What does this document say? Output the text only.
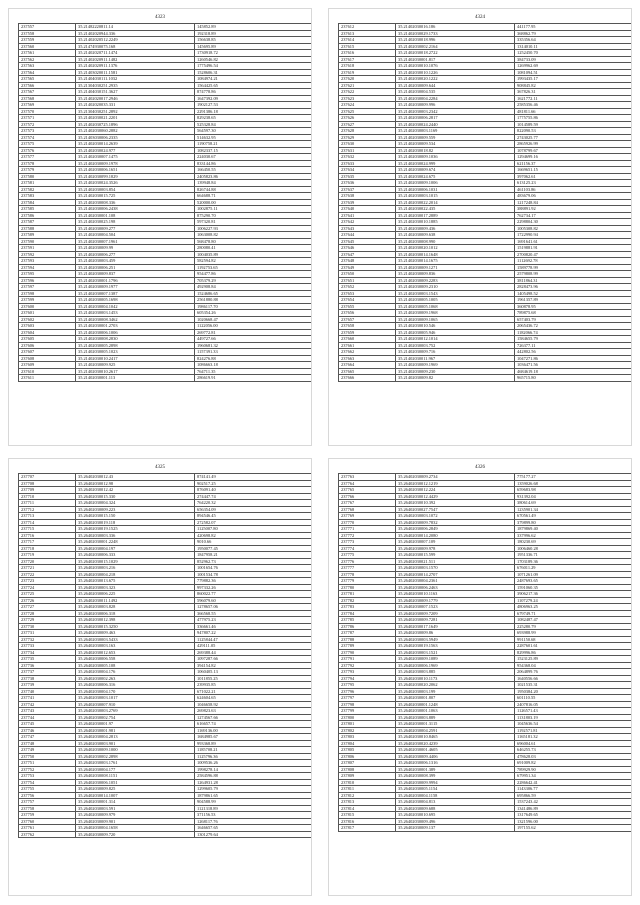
4323
237557	35.21482220811.14	145852.89
237558	35.21402020944.336	192318.89
237559	35.21402020512.2249	156638.85
237560	35.21474930075.168	145695.89
237561	35.21402020711.1474	1730918.72
237562	35.21402020911.1482	1260546.82
237563	35.21402020911.1376	1775496.54
237564	35.21403020011.1581	1528606.31
237565	35.21404030111.1032	1084974.21
237566	35.21304030251.2935	1564425.65
237567	35.21404030151.3627	874778.86
237568	35.21402020017.2946	1647392.09
237569	35.21402020035.331	1902127.53
237570	35.21304030251.2892	2291386.18
237571	35.21402030021.2201	829238.65
237572	35.21402030725.1896	525328.84
237573	35.21402030060.2882	564597.30
237574	35.21403030006.2335	514632.95
237575	35.21402030014.2639	1190758.21
237576	35.21402030024.977	1082337.15
237577	35.21402030007.1475	224030.67
237578	35.21402030009.1978	833144.86
237579	35.21402030006.1651	166450.55
237580	35.21402030099.1829	2405823.86
237581	35.21402030024.3526	139948.84
237582	35.21402030003.854	826744.88
237583	35.21402030015.725	664688.71
237584	35.21402030008.336	520000.00
237585	35.21402030006.2438	1002875.11
237586	35.21402030001.108	875290.70
237587	35.21402030025.198	597320.81
237588	35.21402030009.277	1006227.93
237589	35.21402030004.504	1063008.82
237590	35.21402030007.1961	568478.80
237591	35.21402030009.99	280080.41
237592	35.21402030006.277	1004035.89
237593	35.21402030003.459	582594.82
237594	35.21402030006.251	1192753.65
237595	35.21402030009.837	954477.86
237596	35.21402030001.1796	705379.29
237597	35.21402030009.1977	492908.84
237598	35.21402030007.1387	1524686.65
237599	35.21402030005.1698	2561880.88
237600	35.21402030004.1042	1986117.70
237601	35.21402030003.1453	605354.26
237602	35.21402030008.3462	1020668.47
237603	35.21402030001.2703	1122056.00
237604	35.21402030006.1006	269772.81
237605	35.21402030008.2830	449727.66
237606	35.21402030005.2898	1960681.32
237607	35.21402030005.1023	1157391.33
237608	35.21402030010.2417	824276.88
237609	35.21402030009.925	1086663.18
237610	35.21402030010.2617	764711.35
237611	35.21402030001.113	286619.91
4324
237612	35.21402030016.186	441177.95
237613	35.21402030029.1733	368862.79
237614	35.21402030018.996	335356.64
237615	35.21402030002.2164	1314010.11
237616	35.21402030018.2722	1252450.70
237617	35.21402030001.817	384733.09
237618	35.21402030010.1076	1269962.69
237619	35.21402030010.1226	1081094.51
237620	35.21402030020.1222	1993435.17
237621	35.21402030009.644	908845.82
237622	35.21402030004.535	367826.31
237623	35.21402030004.2284	1621772.11
237624	35.21402030009.996	2585356.46
237625	35.21402030003.2342	481811.66
237626	35.21402030006.2817	1775755.86
237627	35.21402030024.2440	1014589.59
237628	35.21402030003.1169	822090.53
237629	35.21402030009.559	2743025.77
237630	35.21402030009.534	2865926.99
237631	35.21402030018.82	1078799.67
237632	35.21402030009.1036	1294699.16
237633	35.21402030024.999	621156.37
237634	35.21402030009.674	1669651.15
237635	35.21402030024.675	397062.61
237636	35.21402030009.1006	613125.23
237637	35.21402030006.1031	461103.86
237638	35.21402030003.1015	483679.06
237639	35.21402030022.2014	1217248.84
237640	35.21402030022.435	388891.92
237641	35.21402030017.2889	762734.17
237642	35.21402030010.1885	2298804.30
237643	35.21402030009.436	1005308.82
237644	35.21402030009.638	1722990.94
237645	35.21402030008.990	1691641.61
237646	35.21402030020.1012	1519881.91
237647	35.21402030014.1648	2700820.47
237648	35.21402030014.1675	1112692.78
237649	35.21402030009.1271	1589778.99
237650	35.21402030009.836	2579808.99
237651	35.21402030009.2283	3811864.31
237652	35.21402030009.2310	2828473.96
237653	35.21402030003.1543	1405498.52
237654	35.21402030005.1005	1961357.89
237655	35.21402030005.1068	360878.95
237656	35.21402030009.1968	789875.68
237657	35.21402030009.1065	657403.79
237658	35.21402030010.546	2065436.72
237659	35.21402030005.946	1182066.74
237660	35.21402030012.1014	1584655.79
237661	35.21402030003.752	726377.11
237662	35.21402030009.716	442802.56
237663	35.21402030011.967	1047271.86
237664	35.21402030009.1969	1036471.56
237665	35.21402030009.230	4684619.18
237666	35.21402030009.82	965715.80
4325
237707	35.26402030012.43	874141.49
237708	35.26402030012.98	902517.25
237709	35.26402030012.42	876091.40
237710	35.26402030015.330	274447.74
237711	35.26402030004.324	764220.32
237712	35.26402030009.223	656354.09
237713	35.26402030015.150	894546.45
237714	35.26402030019.118	272582.07
237715	35.26402030019.1525	1125007.80
237716	35.26402030003.336	420698.82
237717	35.26402030001.2248	9010.66
237718	35.26402030004.197	1950077.45
237719	35.26402030006.333	1847958.21
237720	35.26402030015.1029	852962.73
237721	35.26402030003.216	1001654.76
237722	35.26402030004.218	1001534.78
237723	35.26402030013.675	779882.36
237724	35.26402030003.323	997332.26
237725	35.26402030006.225	860022.77
237726	35.26402030011.1492	596079.60
237727	35.26402030003.828	1278657.06
237728	35.26402030006.318	366568.55
237729	35.26402030012.398	477975.23
237730	35.26402030015.3250	336661.46
237731	35.26402030009.463	947807.22
237732	35.26402030003.5433	1125844.47
237733	35.26402030003.163	429111.05
237734	35.26402030012.653	269388.44
237735	35.26402030006.558	1097287.66
237736	35.26402030005.108	394154.82
237737	35.26402030004.176	1060405.13
237738	35.26402030002.263	1011855.25
237739	35.26402030006.316	239935.85
237740	35.26402030004.170	671022.21
237741	35.26402030003.1017	624604.65
237742	35.26402030007.910	1046658.92
237743	35.26402030003.2769	269823.63
237744	35.26402030002.754	1274567.66
237745	35.26402030001.97	616657.74
237746	35.26402030001.981	1169136.00
237747	35.26402030004.2813	1684985.67
237748	35.26402030003.901	993368.89
237749	35.26402030009.1000	1185708.21
237750	35.26402030002.2898	1125796.36
237751	35.26402030003.1761	1009536.26
237752	35.26402030004.177	1998278.14
237753	35.26402030008.1151	2584596.88
237754	35.26402030006.1051	1264931.28
237755	35.26402030009.825	1299605.79
237756	35.26402030014.1007	1879861.65
237757	35.26402030001.314	904588.99
237758	35.26402030003.591	1121318.89
237759	35.26402030009.979	371156.53
237760	35.26402030009.901	1268117.76
237761	35.26402030004.1658	1646657.65
237762	35.26402030009.720	1301279.64
4326
237763	35.26402030009.2734	775177.27
237764	35.26402030012.1219	1359026.68
237765	35.26402030012.224	659683.98
237766	35.26402030012.4429	931392.04
237767	35.26402030010.392	380614.69
237768	35.26402030027.7547	1235901.34
237769	35.26402030003.1072	670561.49
237770	35.26402030009.7832	379899.80
237771	35.26402030006.2849	1879869.40
237772	35.26402030014.2080	337996.62
237773	35.26402030007.109	180230.69
237774	35.26402030009.978	1006460.28
237775	35.26402030015.599	1951336.71
237776	35.26402030021.511	1703189.36
237777	35.26402030003.1570	676011.29
237778	35.26402030014.2707	1071261.09
237779	35.26402030004.2361	2487693.65
237780	35.26402030006.2463	1591060.35
237781	35.26402030010.1163	3906217.36
237782	35.26402030009.1779	1107279.24
237783	35.26402030007.1523	4806963.25
237784	35.26402030009.7209	679749.71
237785	35.26402030009.7281	1082487.47
237786	35.26402030017.1649	225280.79
237787	35.26402030009.86	693988.99
237788	35.26402030003.5949	991150.68
237789	35.26402030019.1563	2287601.61
237790	35.26402030003.1521	829996.86
237791	35.26402030009.1089	1523125.89
237792	35.26402030006.1969	954368.04
237793	35.26402030003.885	2064899.76
237794	35.26402030010.1173	1640556.66
237795	35.26402030020.2062	1021535.31
237796	35.26402030003.199	1950384.20
237797	35.26402030001.807	601110.55
237798	35.26402030001.1248	2407816.05
237799	35.26402030001.1063	1126571.43
237800	35.26402030003.889	1131803.19
237801	35.26402030001.3115	1045636.54
237802	35.26402030004.2591	1192571.81
237803	35.26402030010.8465	1165181.32
237804	35.26402030020.4239	696004.61
237805	35.26402030001.4605	646255.73
237806	35.26402030009.4406	478628.03
237807	35.26402030006.1316	691009.82
237808	35.26402030001.389	789929.90
237809	35.26402030008.399	679951.34
237810	35.26402030009.9994	2286642.41
237811	35.26402030005.1154	1143306.77
237812	35.26402030004.1158	695866.59
237813	35.26402030004.813	1537243.42
237814	35.26402030009.688	1341486.89
237815	35.26402030010.695	1317649.65
237816	35.26402030009.496	1321596.00
237817	35.26402030009.137	197155.62
